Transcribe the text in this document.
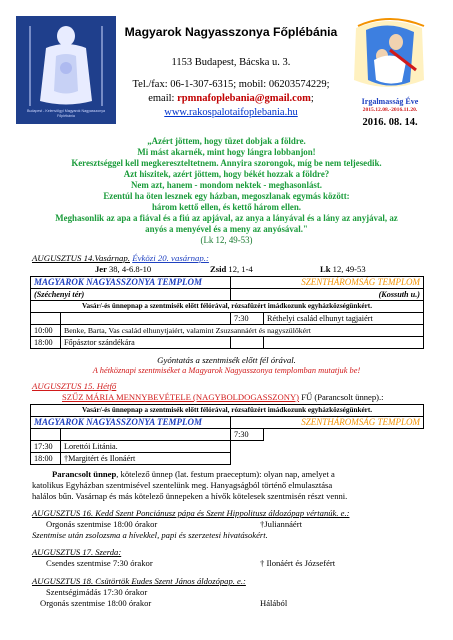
Budapest - Kelenvölgyi Magyarok Nagyasszonya Főplébánia
Magyarok Nagyasszonya Főplébánia
1153 Budapest, Bácska u. 3.
Tel./fax: 06-1-307-6315; mobil: 06203574229;
email: rpmnafoplebania@gmail.com;
www.rakospalotaifoplebania.hu
Irgalmasság Éve
2015.12.08.-2016.11.20.
2016. 08. 14.
„Azért jöttem, hogy tüzet dobjak a földre.
Mi mást akarnék, mint hogy lángra lobbanjon!
Keresztséggel kell megkereszteltetnem. Annyira szorongok, míg be nem teljesedik.
Azt hiszitek, azért jöttem, hogy békét hozzak a földre?
Nem azt, hanem - mondom nektek - meghasonlást.
Ezentúl ha öten lesznek egy házban, megoszlanak egymás között:
három kettő ellen, és kettő három ellen.
Meghasonlik az apa a fiával és a fiú az apjával, az anya a lányával és a lány az anyjával, az
anyós a menyével és a meny az anyósával."
(Lk 12, 49-53)
AUGUSZTUS 14.Vasárnap. Évközi 20. vasárnap.:
Jer 38, 4-6.8-10	Zsid 12, 1-4	Lk 12, 49-53
MAGYAROK NAGYASSZONYA TEMPLOM		SZENTHÁROMSÁG TEMPLOM	
(Széchenyi tér)		(Kossuth u.)	
Vasár/-és ünnepnap a szentmisék előtt félórával, rózsafüzért imádkozunk egyházközségünkért.			
		7:30	Réthelyi család elhunyt tagjaiért
10:00	Benke, Barta, Vas család elhunytjaiért, valamint Zsuzsannáért és nagyszülőkért		
18:00	Főpásztor szándékára		
Gyóntatás a szentmisék előtt fél órával.
A hétköznapi szentmiséket a Magyarok Nagyasszonya templomban mutatjuk be!
AUGUSZTUS 15. Hétfő
SZŰZ MÁRIA MENNYBEVÉTELE (NAGYBOLDOGASSZONY) FŰ (Parancsolt ünnep).:
Vasár/-és ünnepnap a szentmisék előtt félórával, rózsafüzért imádkozunk egyházközségünkért.			
MAGYAROK NAGYASSZONYA TEMPLOM		SZENTHÁROMSÁG TEMPLOM	
		7:30	
17:30	Lorettói Litánia.		
18:00	†Margitért és Ilonáért		
Parancsolt ünnep, kötelező ünnep (lat. festum praeceptum): olyan nap, amelyet a
katolikus Egyházban szentmisével szentelünk meg. Hanyagságból történő elmulasztása
halálos bűn. Vasárnap és más kötelező ünnepeken a hívők kötelesek szentmisén részt venni.
AUGUSZTUS 16. Kedd Szent Ponciánusz pápa és Szent Hippolitusz áldozópap vértanúk. e.:
Orgonás szentmise 18:00 órakor	†Juliannáért
Szentmise után zsolozsma a hívekkel, papi és szerzetesi hivatásokért.
AUGUSZTUS 17. Szerda:
Csendes szentmise 7:30 órakor	† Ilonáért és Józsefért
AUGUSZTUS 18. Csütörtök Eudes Szent János áldozópap. e.:
Szentségimádás 17:30 órakor
Orgonás szentmise 18:00 órakor	Hálából
